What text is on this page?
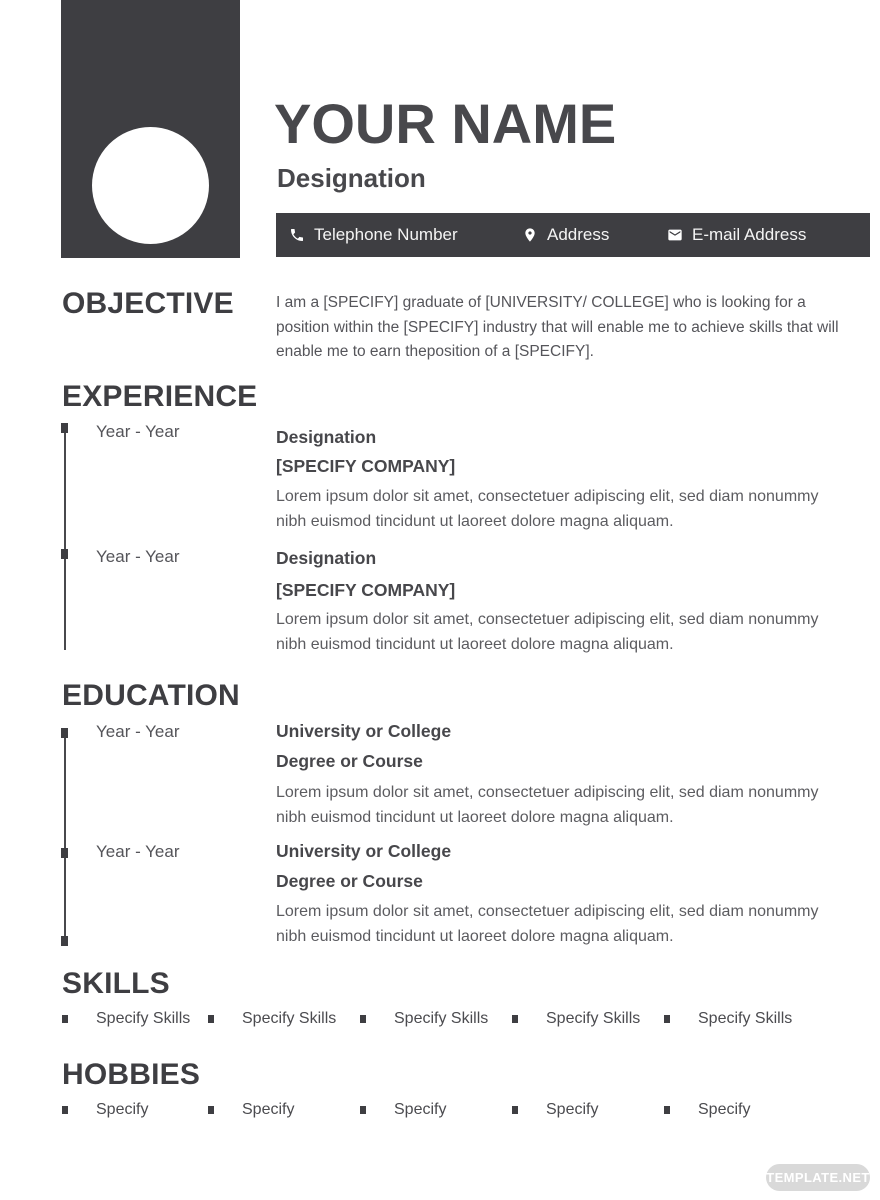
YOUR NAME
Designation
Telephone Number	Address	E-mail Address
OBJECTIVE	I am a [SPECIFY] graduate of [UNIVERSITY/ COLLEGE] who is looking for a position within the [SPECIFY] industry that will enable me to achieve skills that will enable me to earn theposition of a [SPECIFY].
EXPERIENCE
Year - Year	Designation
[SPECIFY COMPANY]
Lorem ipsum dolor sit amet, consectetuer adipiscing elit, sed diam nonummy nibh euismod tincidunt ut laoreet dolore magna aliquam.
Year - Year	Designation
[SPECIFY COMPANY]
Lorem ipsum dolor sit amet, consectetuer adipiscing elit, sed diam nonummy nibh euismod tincidunt ut laoreet dolore magna aliquam.
EDUCATION
Year - Year	University or College
Degree or Course
Lorem ipsum dolor sit amet, consectetuer adipiscing elit, sed diam nonummy nibh euismod tincidunt ut laoreet dolore magna aliquam.
Year - Year	University or College
Degree or Course
Lorem ipsum dolor sit amet, consectetuer adipiscing elit, sed diam nonummy nibh euismod tincidunt ut laoreet dolore magna aliquam.
SKILLS
Specify Skills	Specify Skills	Specify Skills	Specify Skills	Specify Skills
HOBBIES
Specify	Specify	Specify	Specify	Specify
TEMPLATE.NET
